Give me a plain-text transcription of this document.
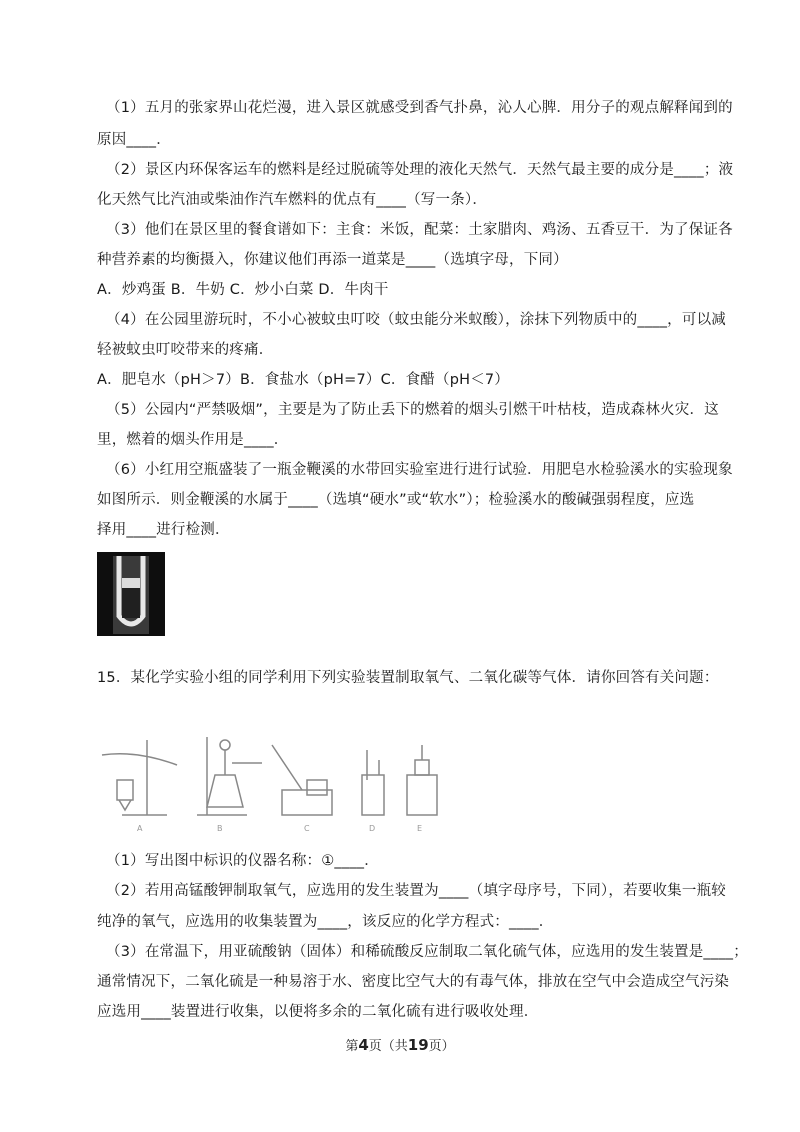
（1）五月的张家界山花烂漫，进入景区就感受到香气扑鼻，沁人心脾．用分子的观点解释闻到的
原因____．
（2）景区内环保客运车的燃料是经过脱硫等处理的液化天然气．天然气最主要的成分是____；液
化天然气比汽油或柴油作汽车燃料的优点有____（写一条）．
（3）他们在景区里的餐食谱如下：主食：米饭，配菜：土家腊肉、鸡汤、五香豆干．为了保证各
种营养素的均衡摄入，你建议他们再添一道菜是____（选填字母，下同）
A．炒鸡蛋 B．牛奶 C．炒小白菜 D．牛肉干
（4）在公园里游玩时，不小心被蚊虫叮咬（蚊虫能分米蚁酸），涂抹下列物质中的____，可以减
轻被蚊虫叮咬带来的疼痛．
A．肥皂水（pH＞7）B．食盐水（pH=7）C．食醋（pH＜7）
（5）公园内“严禁吸烟”，主要是为了防止丢下的燃着的烟头引燃干叶枯枝，造成森林火灾．这
里，燃着的烟头作用是____．
（6）小红用空瓶盛装了一瓶金鞭溪的水带回实验室进行进行试验．用肥皂水检验溪水的实验现象
如图所示．则金鞭溪的水属于____（选填“硬水”或“软水”）；检验溪水的酸碱强弱程度，应选
择用____进行检测．
15．某化学实验小组的同学利用下列实验装置制取氧气、二氧化碳等气体．请你回答有关问题：
A	B	C	D	E
（1）写出图中标识的仪器名称：①____．
（2）若用高锰酸钾制取氧气，应选用的发生装置为____（填字母序号，下同），若要收集一瓶较
纯净的氧气，应选用的收集装置为____，该反应的化学方程式：____．
（3）在常温下，用亚硫酸钠（固体）和稀硫酸反应制取二氧化硫气体，应选用的发生装置是____；
通常情况下，二氧化硫是一种易溶于水、密度比空气大的有毒气体，排放在空气中会造成空气污染
应选用____装置进行收集，以便将多余的二氧化硫有进行吸收处理．
第4页（共19页）
